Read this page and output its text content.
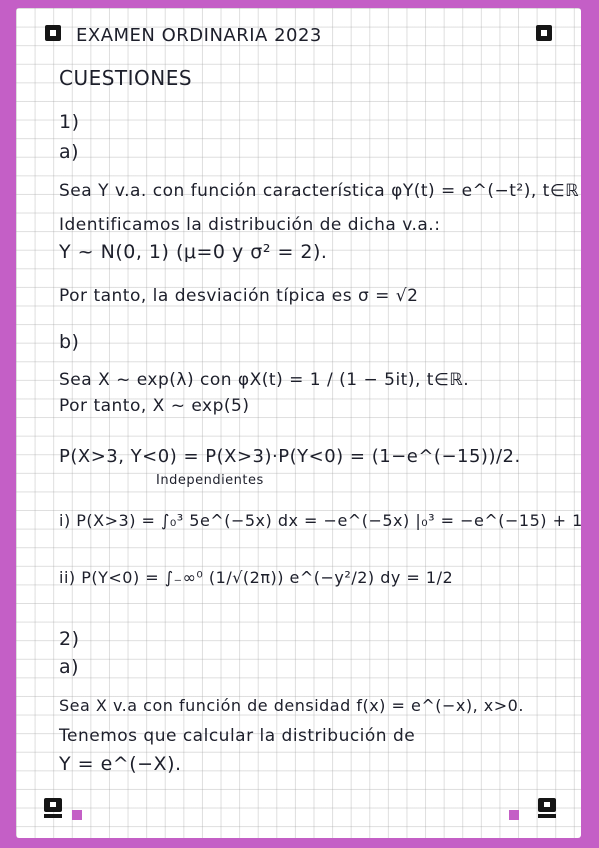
EXAMEN ORDINARIA 2023

CUESTIONES

1)

a)

Sea Y v.a. con función característica φY(t) = e^(−t²), t∈ℝ

Identificamos la distribución de dicha v.a.:

Y ~ N(0, 1) (μ=0 y σ² = 2).

Por tanto, la desviación típica es σ = √2

b)

Sea X ~ exp(λ) con φX(t) = 1 / (1 − 5it), t∈ℝ.

Por tanto, X ~ exp(5)

P(X>3, Y<0) = P(X>3)·P(Y<0) = (1−e^(−15))/2.

Independientes

i) P(X>3) = ∫₀³ 5e^(−5x) dx = −e^(−5x) |₀³ = −e^(−15) + 1

ii) P(Y<0) = ∫₋∞⁰ (1/√(2π)) e^(−y²/2) dy = 1/2

2)

a)

Sea X v.a con función de densidad f(x) = e^(−x), x>0.

Tenemos que calcular la distribución de

Y = e^(−X).
